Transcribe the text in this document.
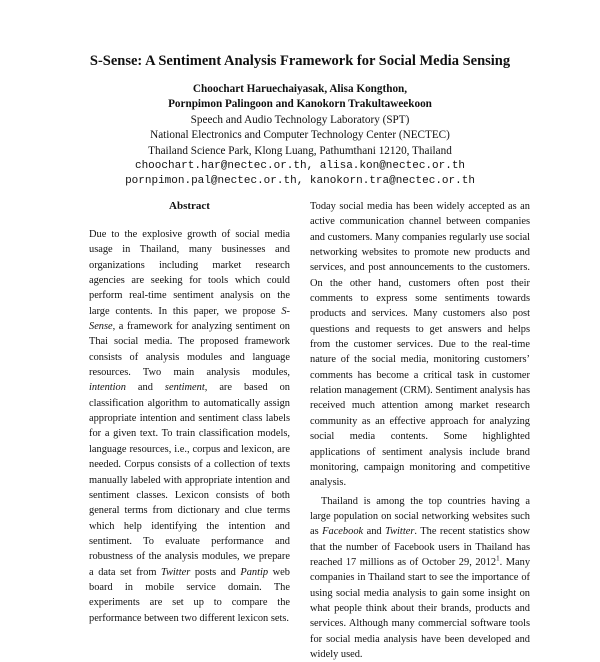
S-Sense: A Sentiment Analysis Framework for Social Media Sensing
Choochart Haruechaiyasak, Alisa Kongthon,
Pornpimon Palingoon and Kanokorn Trakultaweekoon
Speech and Audio Technology Laboratory (SPT)
National Electronics and Computer Technology Center (NECTEC)
Thailand Science Park, Klong Luang, Pathumthani 12120, Thailand
choochart.har@nectec.or.th, alisa.kon@nectec.or.th
pornpimon.pal@nectec.or.th, kanokorn.tra@nectec.or.th
Abstract

Due to the explosive growth of social media usage in Thailand, many businesses and organizations including market research agencies are seeking for tools which could perform real-time sentiment analysis on the large contents. In this paper, we propose S-Sense, a framework for analyzing sentiment on Thai social media. The proposed framework consists of analysis modules and language resources. Two main analysis modules, intention and sentiment, are based on classification algorithm to automatically assign appropriate intention and sentiment class labels for a given text. To train classification models, language resources, i.e., corpus and lexicon, are needed. Corpus consists of a collection of texts manually labeled with appropriate intention and sentiment classes. Lexicon consists of both general terms from dictionary and clue terms which help identifying the intention and sentiment. To evaluate performance and robustness of the analysis modules, we prepare a data set from Twitter posts and Pantip web board in mobile service domain. The experiments are set up to compare the performance between two different lexicon sets.

Today social media has been widely accepted as an active communication channel between companies and customers. Many companies regularly use social networking websites to promote new products and services, and post announcements to the customers. On the other hand, customers often post their comments to express some sentiments towards products and services. Many customers also post questions and requests to get answers and helps from the customer services. Due to the real-time nature of the social media, monitoring customers’ comments has become a critical task in customer relation management (CRM). Sentiment analysis has received much attention among market research community as an effective approach for analyzing social media contents. Some highlighted applications of sentiment analysis include brand monitoring, campaign monitoring and competitive analysis.

Thailand is among the top countries having a large population on social networking websites such as Facebook and Twitter. The recent statistics show that the number of Facebook users in Thailand has reached 17 millions as of October 29, 2012$^1$. Many companies in Thailand start to see the importance of using social media analysis to gain some insight on what people think about their brands, products and services. Although many commercial software tools for social media analysis have been developed and widely used.
